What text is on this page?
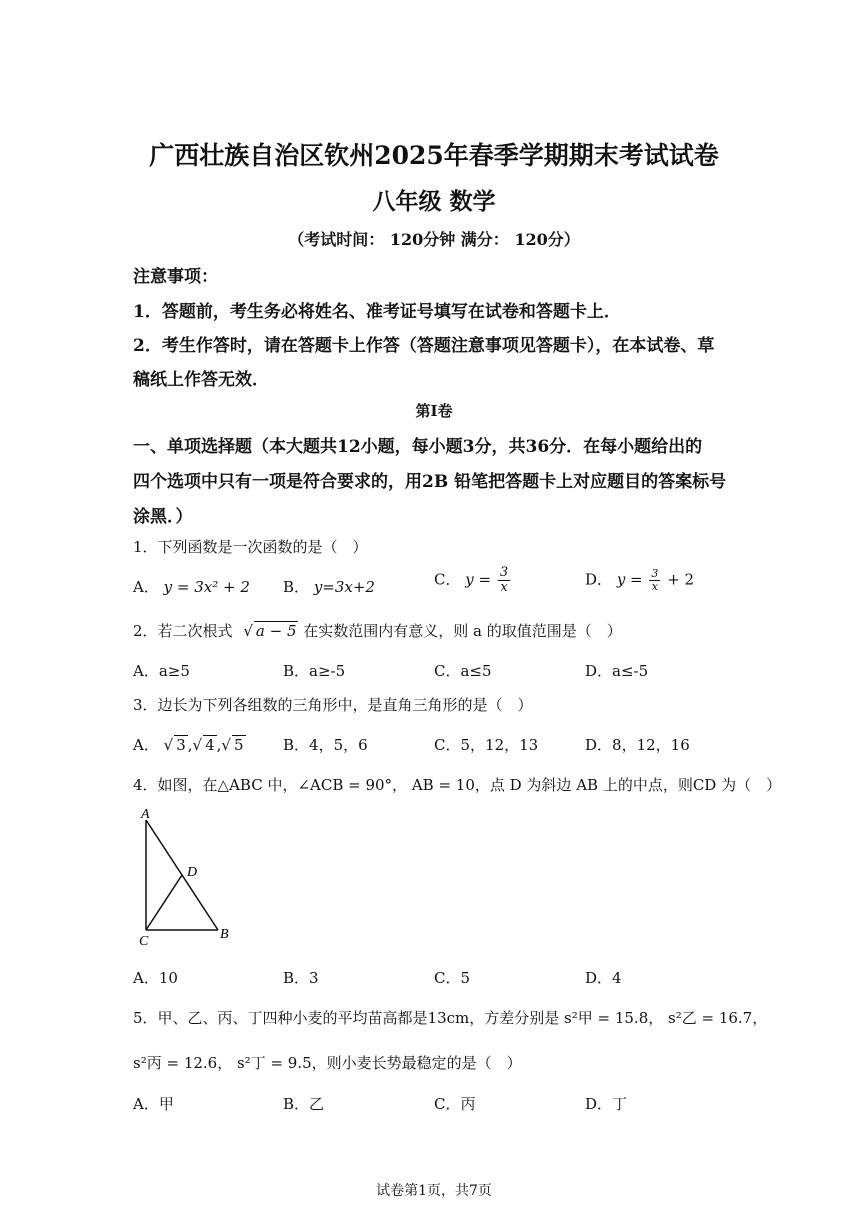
广西壮族自治区钦州2025年春季学期期末考试试卷
八年级 数学
（考试时间： 120分钟 满分： 120分）
注意事项：
1．答题前，考生务必将姓名、准考证号填写在试卷和答题卡上．
2．考生作答时，请在答题卡上作答（答题注意事项见答题卡），在本试卷、草
稿纸上作答无效．
第I卷
一、单项选择题（本大题共12小题，每小题3分，共36分．在每小题给出的
四个选项中只有一项是符合要求的，用2B 铅笔把答题卡上对应题目的答案标号
涂黑．）
1．下列函数是一次函数的是（　）
A． y = 3x² + 2 B． y=3x+2	C． $y = \frac{3}{x}$	D． $y = \frac{3}{x} + 2$
2．若二次根式 √ a − 5 在实数范围内有意义，则 a 的取值范围是（　）
A．a≥5	B．a≥-5	C．a≤5	D．a≤-5
3．边长为下列各组数的三角形中，是直角三角形的是（　）
A． √ 3 ,√ 4 ,√ 5	B．4，5，6	C．5，12，13	D．8，12，16
4．如图，在△ABC 中，∠ACB = 90°， AB = 10，点 D 为斜边 AB 上的中点，则CD 为（　）
A
D
C	B
A．10	B．3	C．5	D．4
5．甲、乙、丙、丁四种小麦的平均苗高都是13cm，方差分别是 s²甲 = 15.8， s²乙 = 16.7，
s²丙 = 12.6， s²丁 = 9.5，则小麦长势最稳定的是（　）
A．甲	B．乙	C．丙	D．丁
试卷第1页，共7页
